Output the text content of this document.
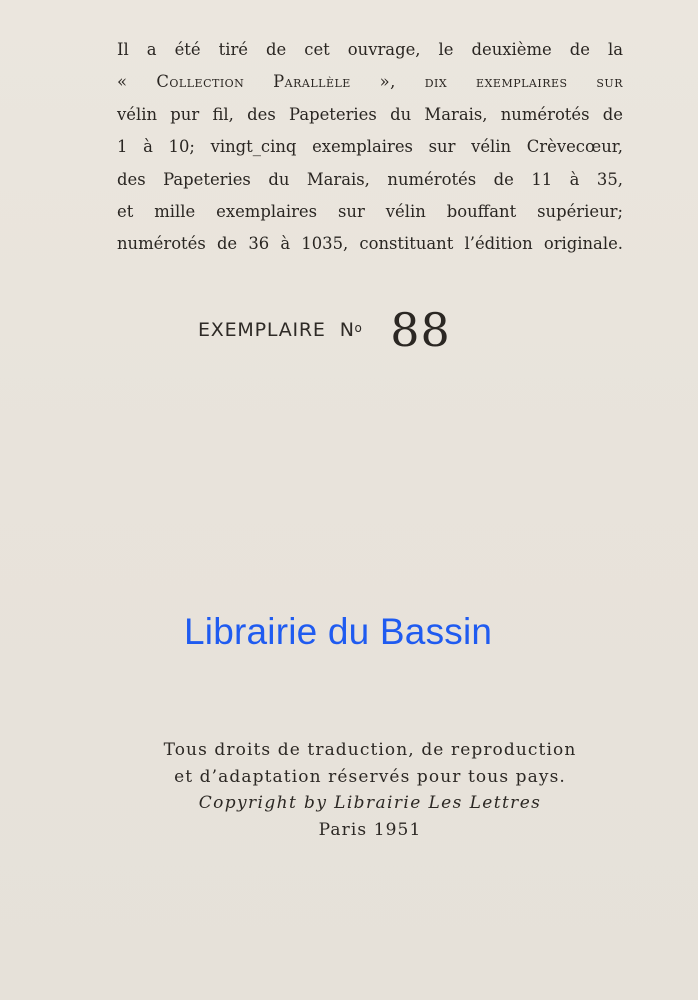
Il a été tiré de cet ouvrage, le deuxième de la
« Collection Parallèle », dix exemplaires sur
vélin pur fil, des Papeteries du Marais, numérotés de
1 à 10; vingt_cinq exemplaires sur vélin Crèvecœur,
des Papeteries du Marais, numérotés de 11 à 35,
et mille exemplaires sur vélin bouffant supérieur;
numérotés de 36 à 1035, constituant l’édition originale.
EXEMPLAIRE $N^o$ 88
Librairie du Bassin
Tous droits de traduction, de reproduction
et d’adaptation réservés pour tous pays.
Copyright by Librairie Les Lettres
Paris 1951
